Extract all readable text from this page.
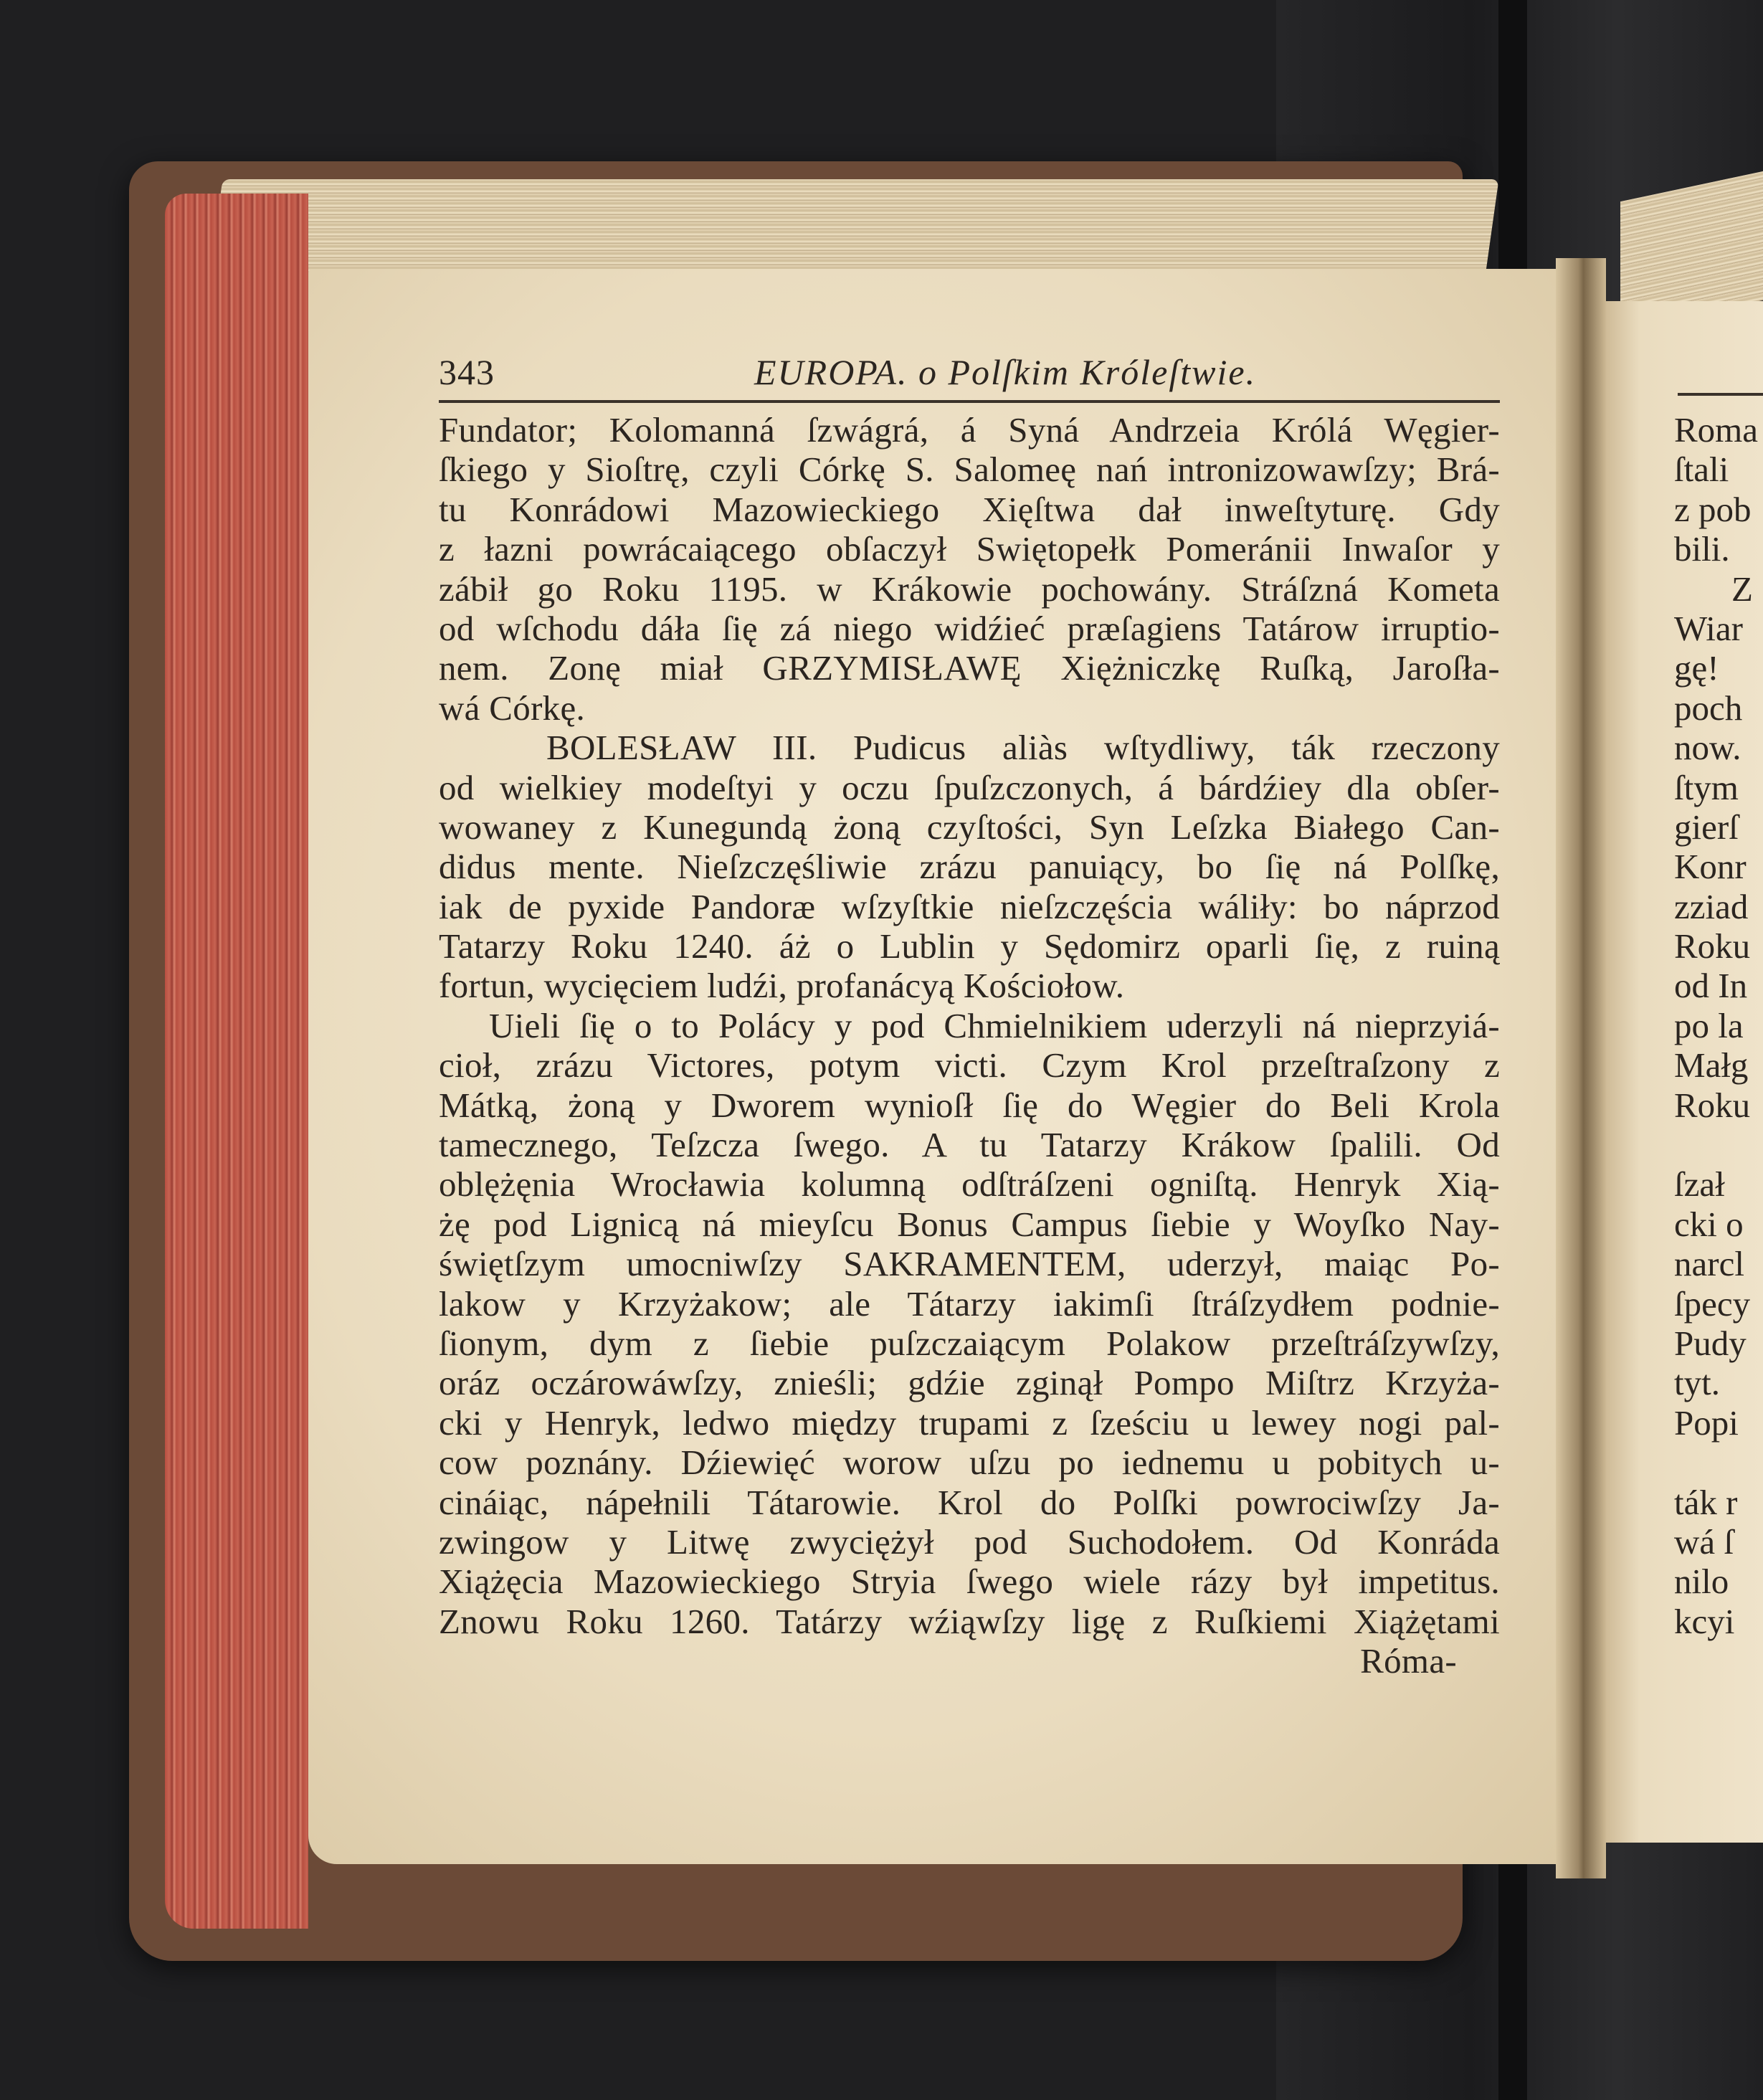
343	EUROPA. o Polſkim Króleſtwie.
Fundator; Kolomanná ſzwágrá, á Syná Andrzeia Królá Węgier-
ſkiego y Sioſtrę, czyli Córkę S. Salomeę nań intronizowawſzy; Brá-
tu Konrádowi Mazowieckiego Xięſtwa dał inweſtyturę. Gdy
z łazni powrácaiącego obſaczył Swiętopełk Pomeránii Inwaſor y
zábił go Roku 1195. w Krákowie pochowány. Stráſzná Kometa
od wſchodu dáła ſię zá niego widźieć præſagiens Tatárow irruptio-
nem. Zonę miał GRZYMISŁAWĘ Xiężniczkę Ruſką, Jaroſła-
wá Córkę.
BOLESŁAW III. Pudicus aliàs wſtydliwy, ták rzeczony
od wielkiey modeſtyi y oczu ſpuſzczonych, á bárdźiey dla obſer-
wowaney z Kunegundą żoną czyſtości, Syn Leſzka Białego Can-
didus mente. Nieſzczęśliwie zrázu panuiący, bo ſię ná Polſkę,
iak de pyxide Pandoræ wſzyſtkie nieſzczęścia wáliły: bo náprzod
Tatarzy Roku 1240. áż o Lublin y Sędomirz oparli ſię, z ruiną
fortun, wycięciem ludźi, profanácyą Kościołow.
Uieli ſię o to Polácy y pod Chmielnikiem uderzyli ná nieprzyiá-
cioł, zrázu Victores, potym victi. Czym Krol przeſtraſzony z
Mátką, żoną y Dworem wynioſł ſię do Węgier do Beli Krola
tamecznego, Teſzcza ſwego. A tu Tatarzy Krákow ſpalili. Od
oblężęnia Wrocławia kolumną odſtráſzeni ogniſtą. Henryk Xią-
żę pod Lignicą ná mieyſcu Bonus Campus ſiebie y Woyſko Nay-
świętſzym umocniwſzy SAKRAMENTEM, uderzył, maiąc Po-
lakow y Krzyżakow; ale Tátarzy iakimſi ſtráſzydłem podnie-
ſionym, dym z ſiebie puſzczaiącym Polakow przeſtráſzywſzy,
oráz oczárowáwſzy, znieśli; gdźie zginął Pompo Miſtrz Krzyża-
cki y Henryk, ledwo między trupami z ſześciu u lewey nogi pal-
cow poznány. Dźiewięć worow uſzu po iednemu u pobitych u-
cináiąc, nápełnili Tátarowie. Krol do Polſki powrociwſzy Ja-
zwingow y Litwę zwyciężył pod Suchodołem. Od Konráda
Xiążęcia Mazowieckiego Stryia ſwego wiele rázy był impetitus.
Znowu Roku 1260. Tatárzy wźiąwſzy ligę z Ruſkiemi Xiążętami
Róma-
Roma
ſtali
z pob
bili.
Z
Wiar
gę!
poch
now.
ſtym
gierſ
Konr
zziad
Roku
od In
po la
Małg
Roku
ſzał
cki o
narcl
ſpecy
Pudy
tyt.
Popi
ták r
wá ſ
nilo
kcyi
